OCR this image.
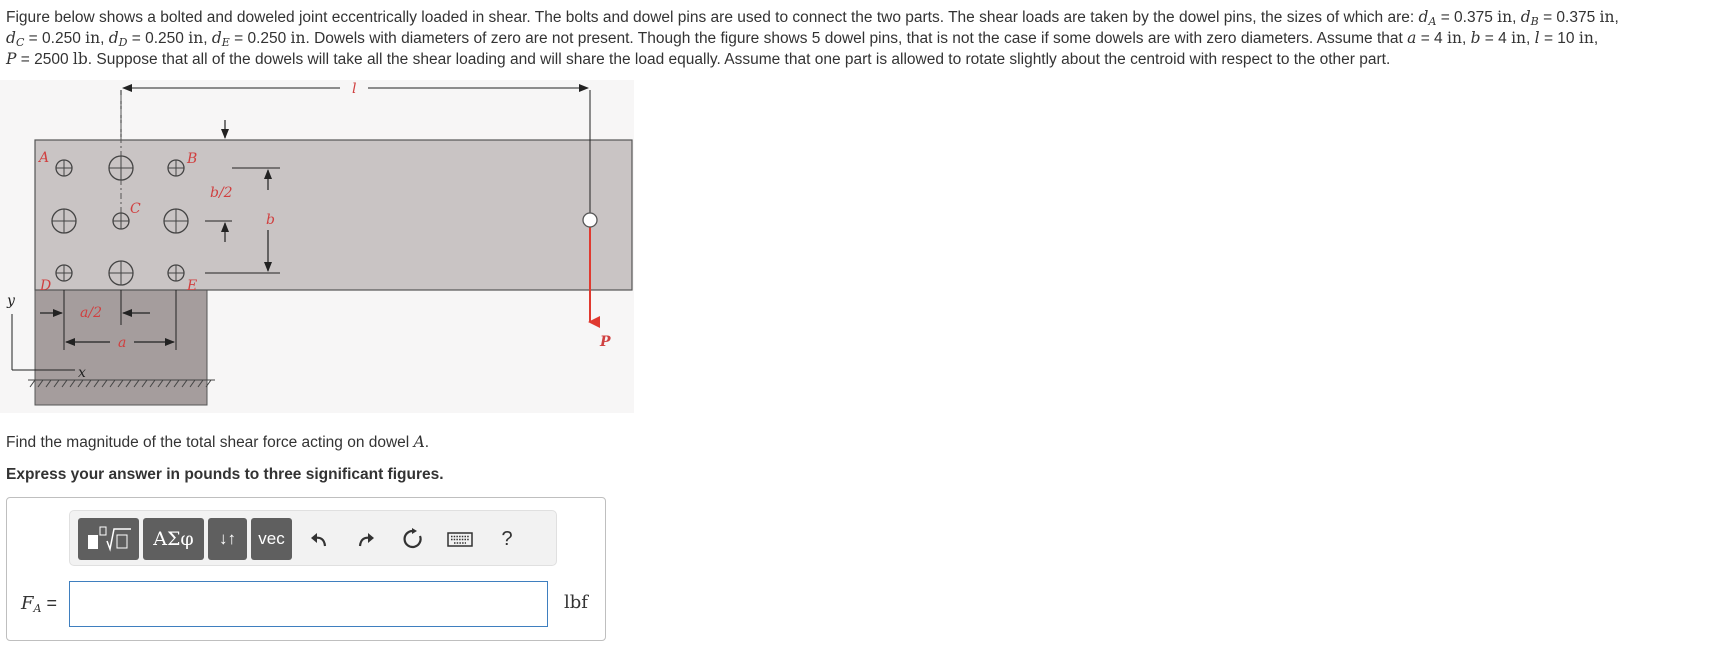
Figure below shows a bolted and doweled joint eccentrically loaded in shear. The bolts and dowel pins are used to connect the two parts. The shear loads are taken by the dowel pins, the sizes of which are: $d_A = 0.375$ in, $d_B = 0.375$ in,
$d_C = 0.250$ in, $d_D = 0.250$ in, $d_E = 0.250$ in. Dowels with diameters of zero are not present. Though the figure shows 5 dowel pins, that is not the case if some dowels are with zero diameters. Assume that a = 4 in, b = 4 in, l = 10 in,
P = 2500 lb. Suppose that all of the dowels will take all the shear loading and will share the load equally. Assume that one part is allowed to rotate slightly about the centroid with respect to the other part.
l
A	B
C
D	E
b/2
b
a/2
a
y
x
P
Find the magnitude of the total shear force acting on dowel A.
Express your answer in pounds to three significant figures.
ΑΣφ	↓↑	vec	?
$F_A$ =	lbf
